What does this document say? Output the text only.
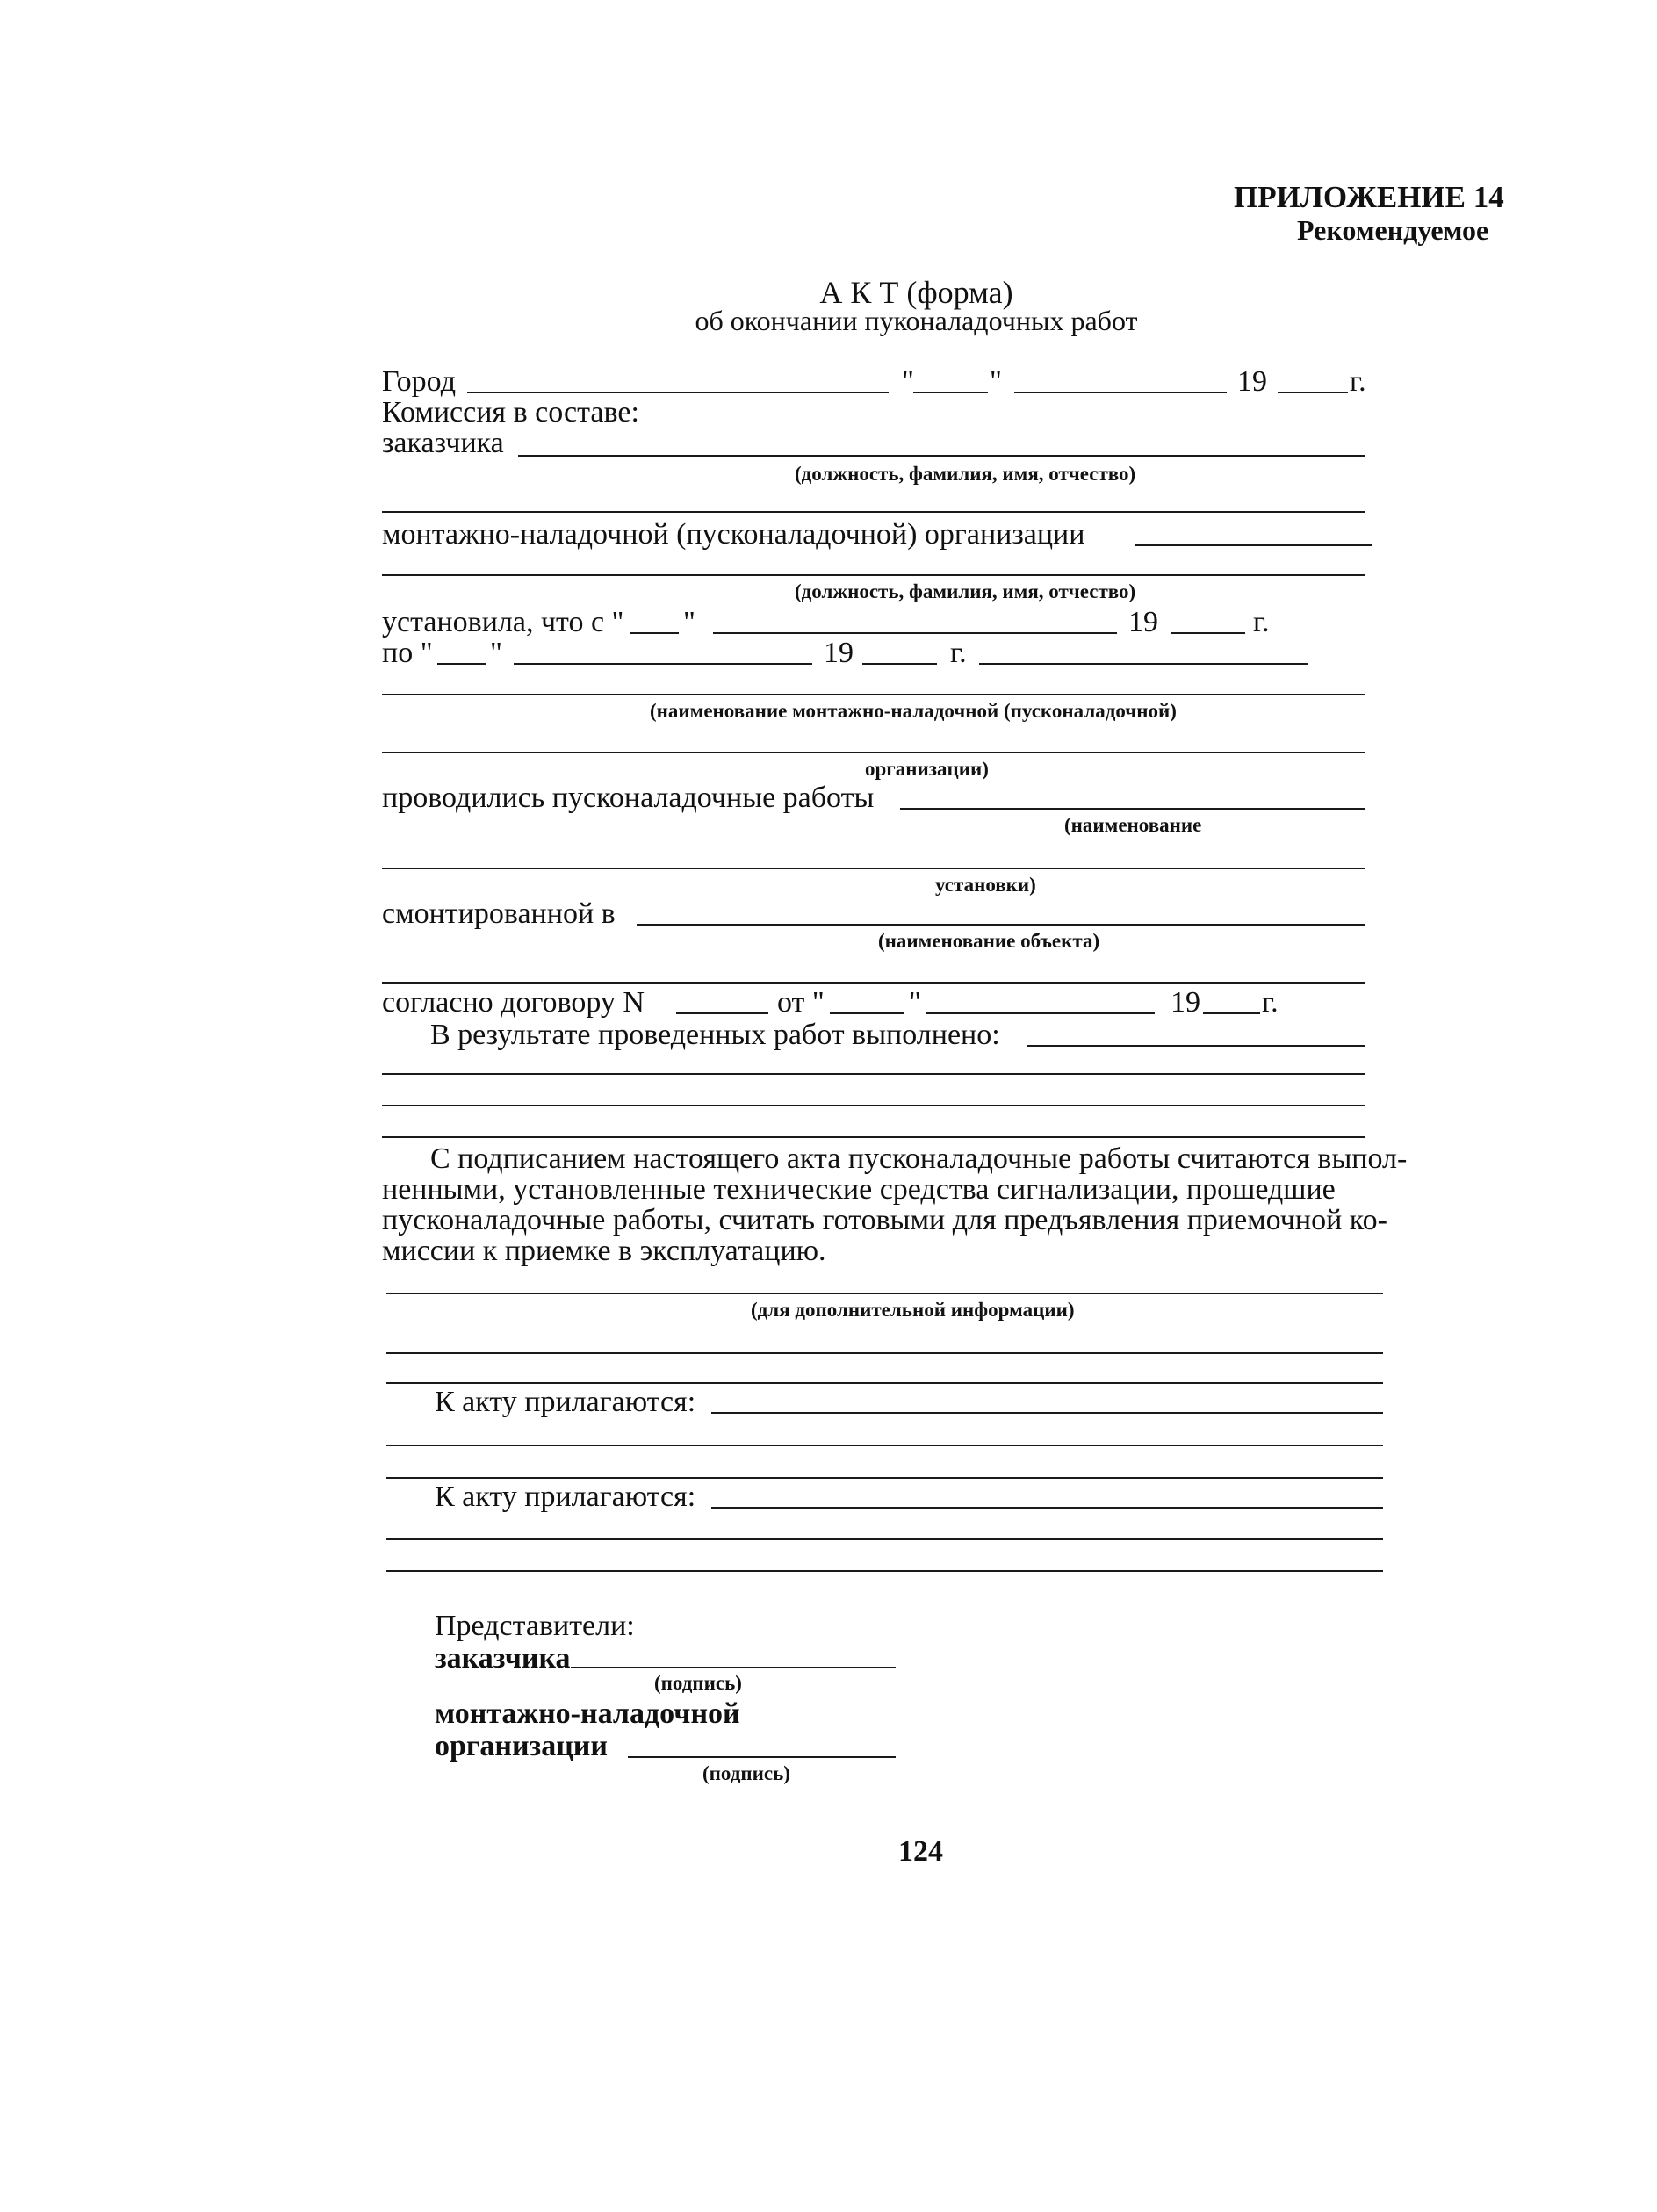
ПРИЛОЖЕНИЕ 14
Рекомендуемое
А К Т (форма)
об окончании пуконаладочных работ
Город	"	"	19	г.
Комиссия в составе:
заказчика
(должность, фамилия, имя, отчество)
монтажно-наладочной (пусконаладочной) организации
(должность, фамилия, имя, отчество)
установила, что с " "	19	г.
по " "	19	г.
(наименование монтажно-наладочной (пусконаладочной)
организации)
проводились пусконаладочные работы
(наименование
установки)
смонтированной в
(наименование объекта)
согласно договору N	от "	"	19 г.
В результате проведенных работ выполнено:
С подписанием настоящего акта пусконаладочные работы считаются выпол-
ненными, установленные технические средства сигнализации, прошедшие
пусконаладочные работы, считать готовыми для предъявления приемочной ко-
миссии к приемке в эксплуатацию.
(для дополнительной информации)
К акту прилагаются:
К акту прилагаются:
Представители:
заказчика
(подпись)
монтажно-наладочной
организации
(подпись)
124
